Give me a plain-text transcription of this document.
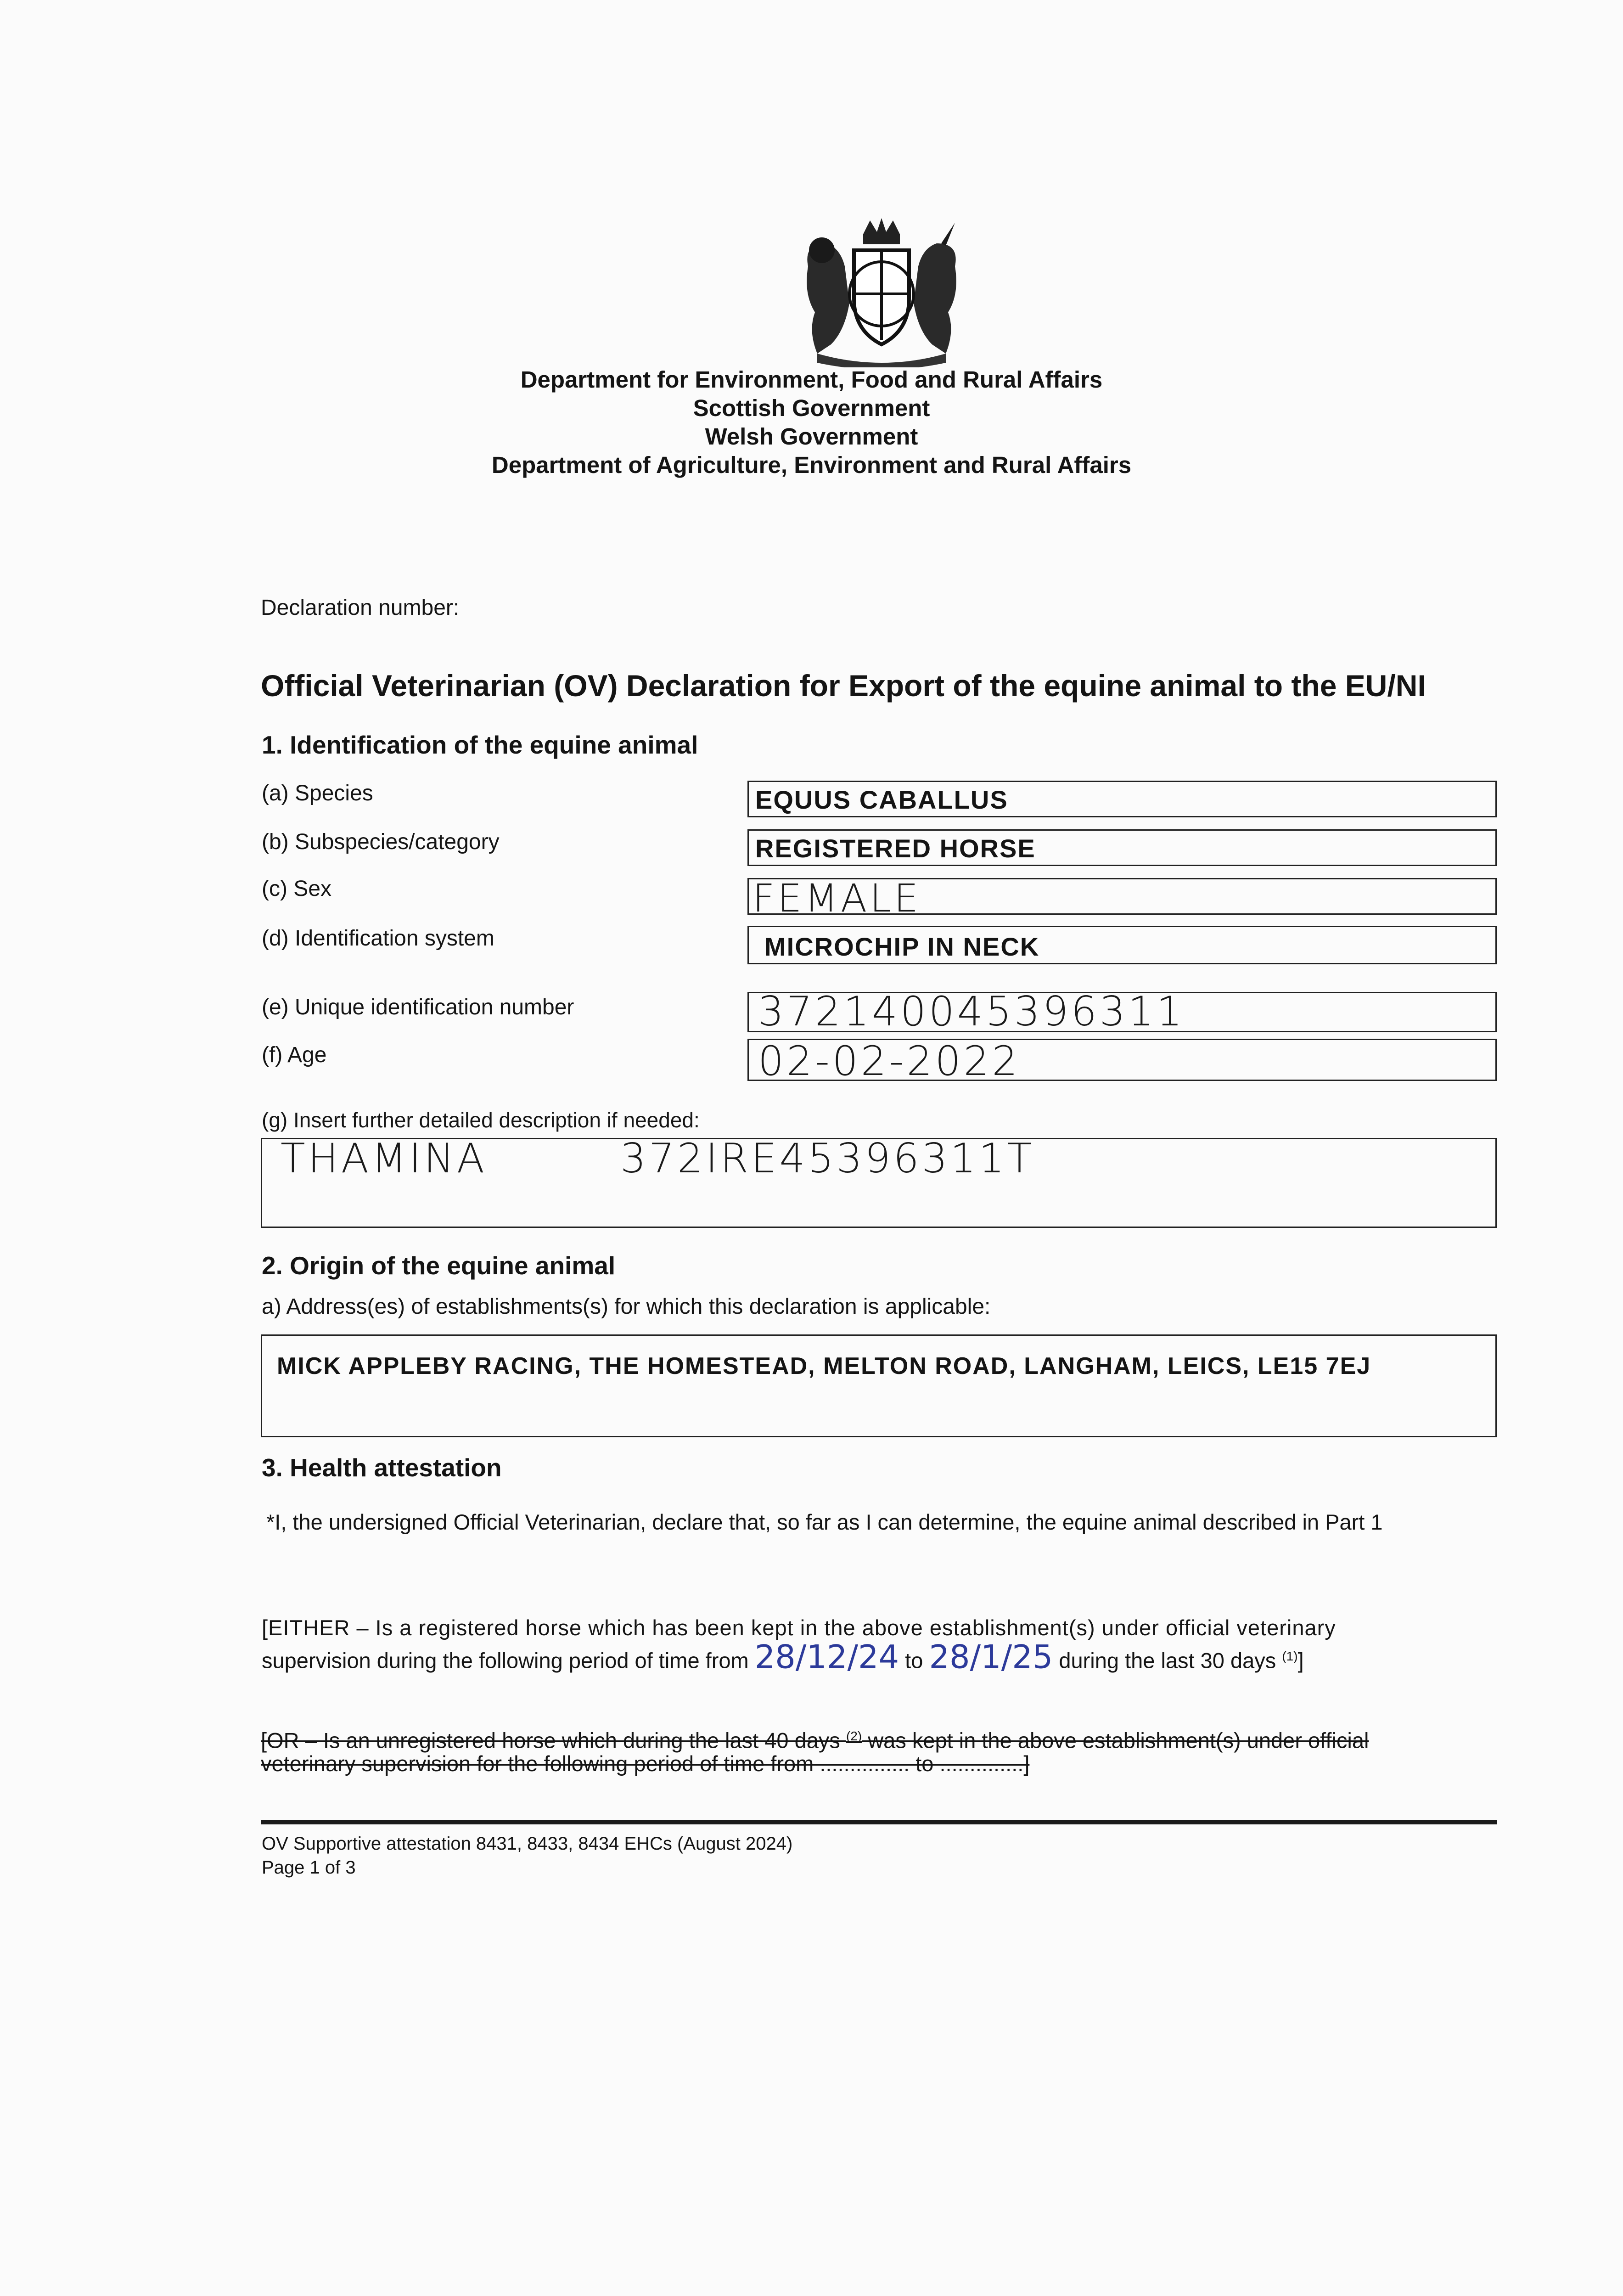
Department for Environment, Food and Rural Affairs
Scottish Government
Welsh Government
Department of Agriculture, Environment and Rural Affairs
Declaration number:
Official Veterinarian (OV) Declaration for Export of the equine animal to the EU/NI
1. Identification of the equine animal
(a) Species	EQUUS CABALLUS
(b) Subspecies/category	REGISTERED HORSE
(c) Sex	FEMALE
(d) Identification system	MICROCHIP IN NECK
(e) Unique identification number	372140045396311
(f) Age	02-02-2022
(g) Insert further detailed description if needed:
THAMINA	372IRE45396311T
2. Origin of the equine animal
a) Address(es) of establishments(s) for which this declaration is applicable:
MICK APPLEBY RACING, THE HOMESTEAD, MELTON ROAD, LANGHAM, LEICS, LE15 7EJ
3. Health attestation
*I, the undersigned Official Veterinarian, declare that, so far as I can determine, the equine animal described in Part 1
[EITHER – Is a registered horse which has been kept in the above establishment(s) under official veterinary
supervision during the following period of time from 28/12/24 to 28/1/25 during the last 30 days $^{(1)}$]
[OR – Is an unregistered horse which during the last 40 days $^{(2)}$ was kept in the above establishment(s) under official
veterinary supervision for the following period of time from ............... to ..............]
OV Supportive attestation 8431, 8433, 8434 EHCs (August 2024)
Page 1 of 3
